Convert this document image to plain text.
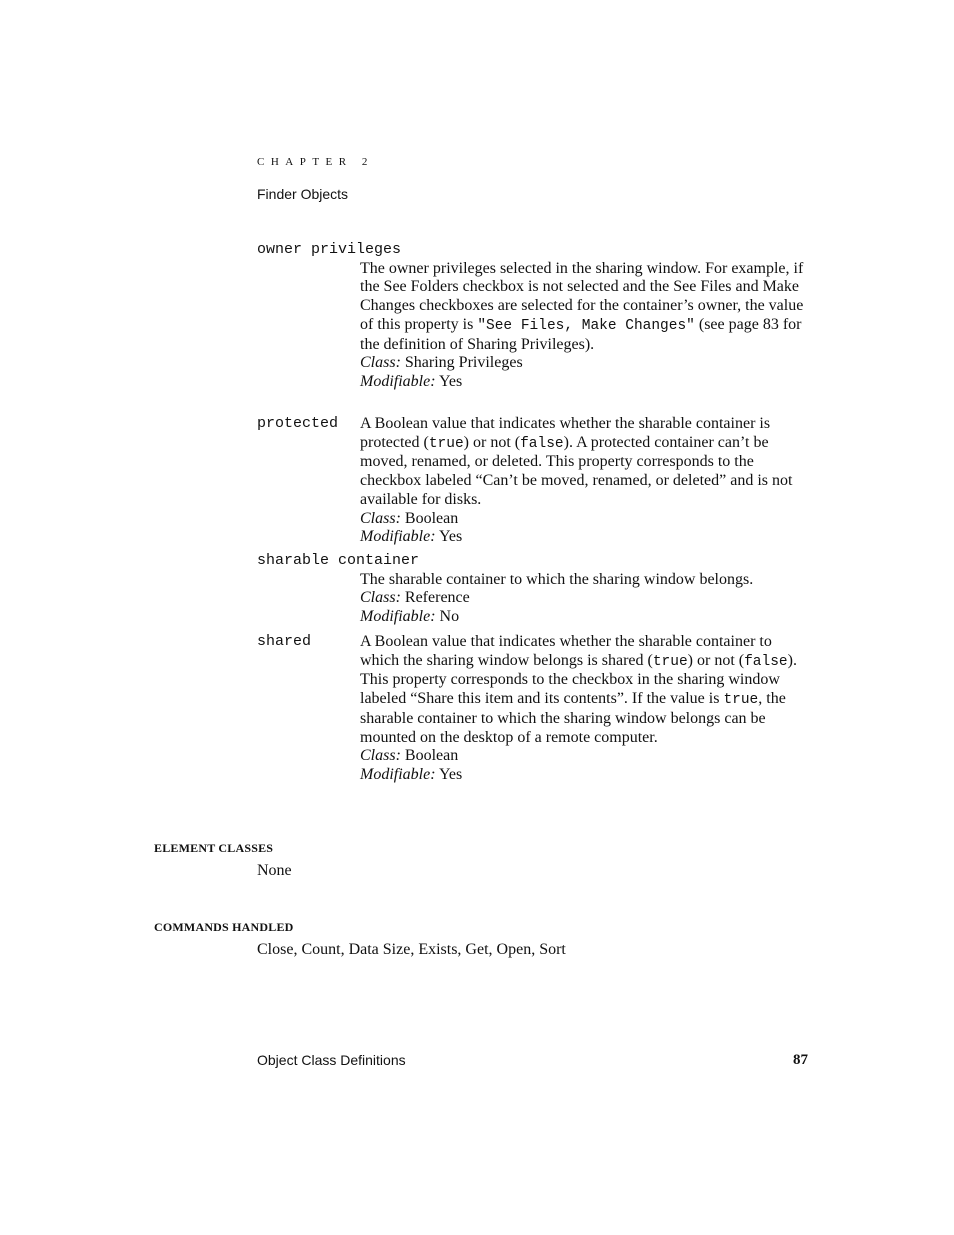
CHAPTER 2
Finder Objects
owner privileges
The owner privileges selected in the sharing window. For example, if the See Folders checkbox is not selected and the See Files and Make Changes checkboxes are selected for the container’s owner, the value of this property is "See Files, Make Changes" (see page 83 for the definition of Sharing Privileges).
Class: Sharing Privileges
Modifiable: Yes
protected A Boolean value that indicates whether the sharable container is protected (true) or not (false). A protected container can’t be moved, renamed, or deleted. This property corresponds to the checkbox labeled “Can’t be moved, renamed, or deleted” and is not available for disks.
Class: Boolean
Modifiable: Yes
sharable container
The sharable container to which the sharing window belongs.
Class: Reference
Modifiable: No
shared	A Boolean value that indicates whether the sharable container to which the sharing window belongs is shared (true) or not (false). This property corresponds to the checkbox in the sharing window labeled “Share this item and its contents”. If the value is true, the sharable container to which the sharing window belongs can be mounted on the desktop of a remote computer.
Class: Boolean
Modifiable: Yes
ELEMENT CLASSES
None
COMMANDS HANDLED
Close, Count, Data Size, Exists, Get, Open, Sort
Object Class Definitions	87
